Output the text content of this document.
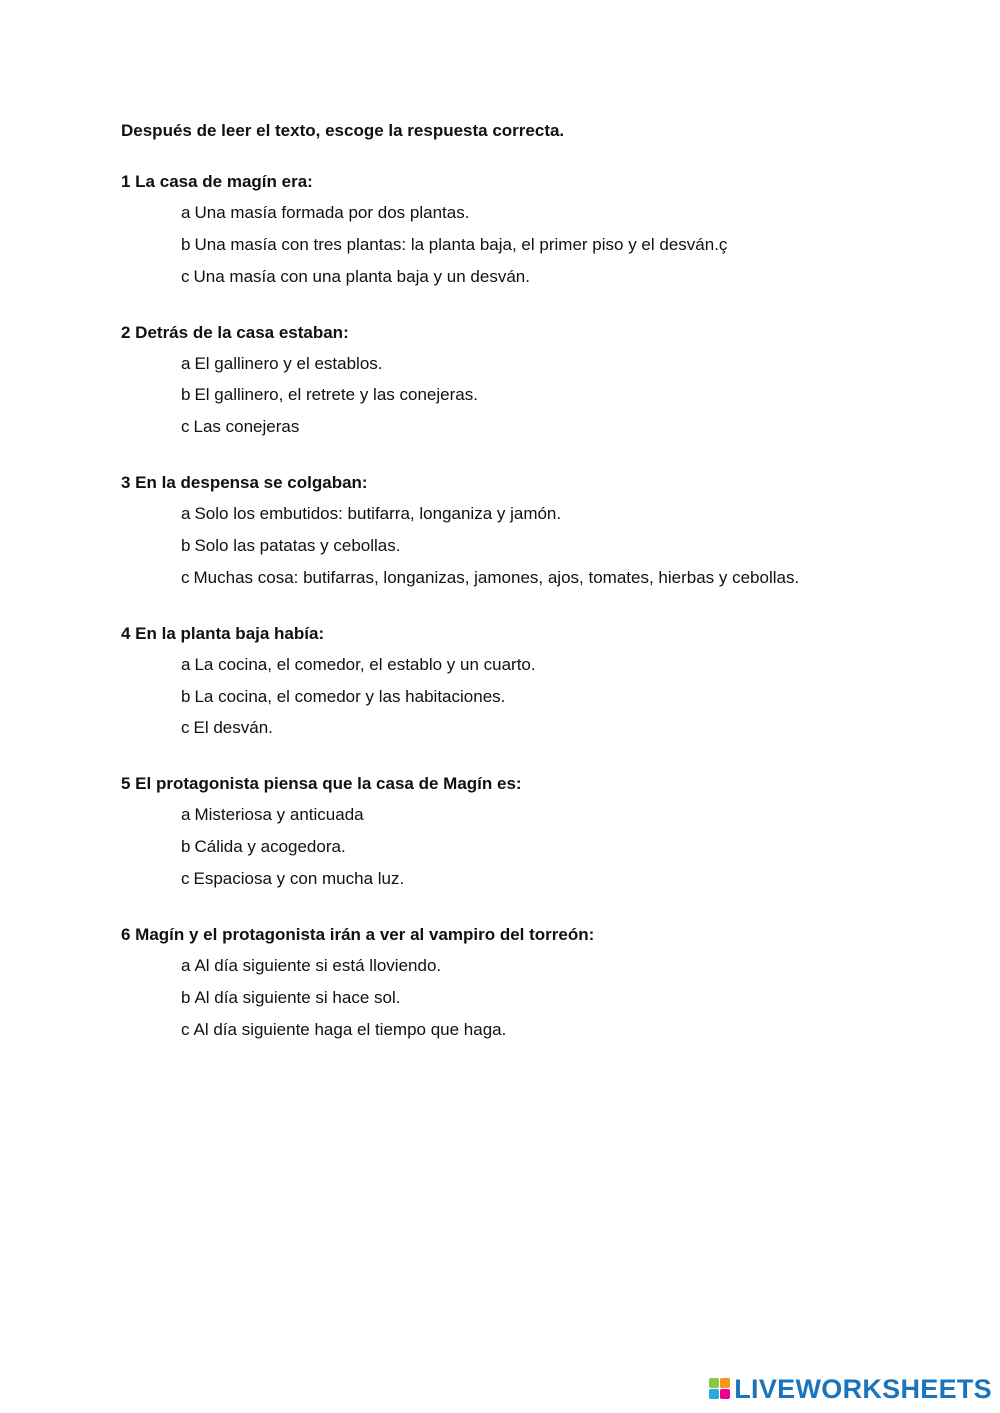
Después de leer el texto, escoge la respuesta correcta.

1 La casa de magín era:

a Una masía formada por dos plantas.
b Una masía con tres plantas: la planta baja, el primer piso y el desván.ç
c Una masía con una planta baja y un desván.

2 Detrás de la casa estaban:

a El gallinero y el establos.
b El gallinero, el retrete y las conejeras.
c Las conejeras

3 En la despensa se colgaban:

a Solo los embutidos: butifarra, longaniza y jamón.
b Solo las patatas y cebollas.
c Muchas cosa: butifarras, longanizas, jamones, ajos, tomates, hierbas y cebollas.

4 En la planta baja había:

a La cocina, el comedor, el establo y un cuarto.
b La cocina, el comedor y las habitaciones.
c El desván.

5 El protagonista piensa que la casa de Magín es:

a Misteriosa y anticuada
b Cálida y acogedora.
c Espaciosa y con mucha luz.

6 Magín y el protagonista irán a ver al vampiro del torreón:

a Al día siguiente si está lloviendo.
b Al día siguiente si hace sol.
c Al día siguiente haga el tiempo que haga.
LIVEWORKSHEETS
